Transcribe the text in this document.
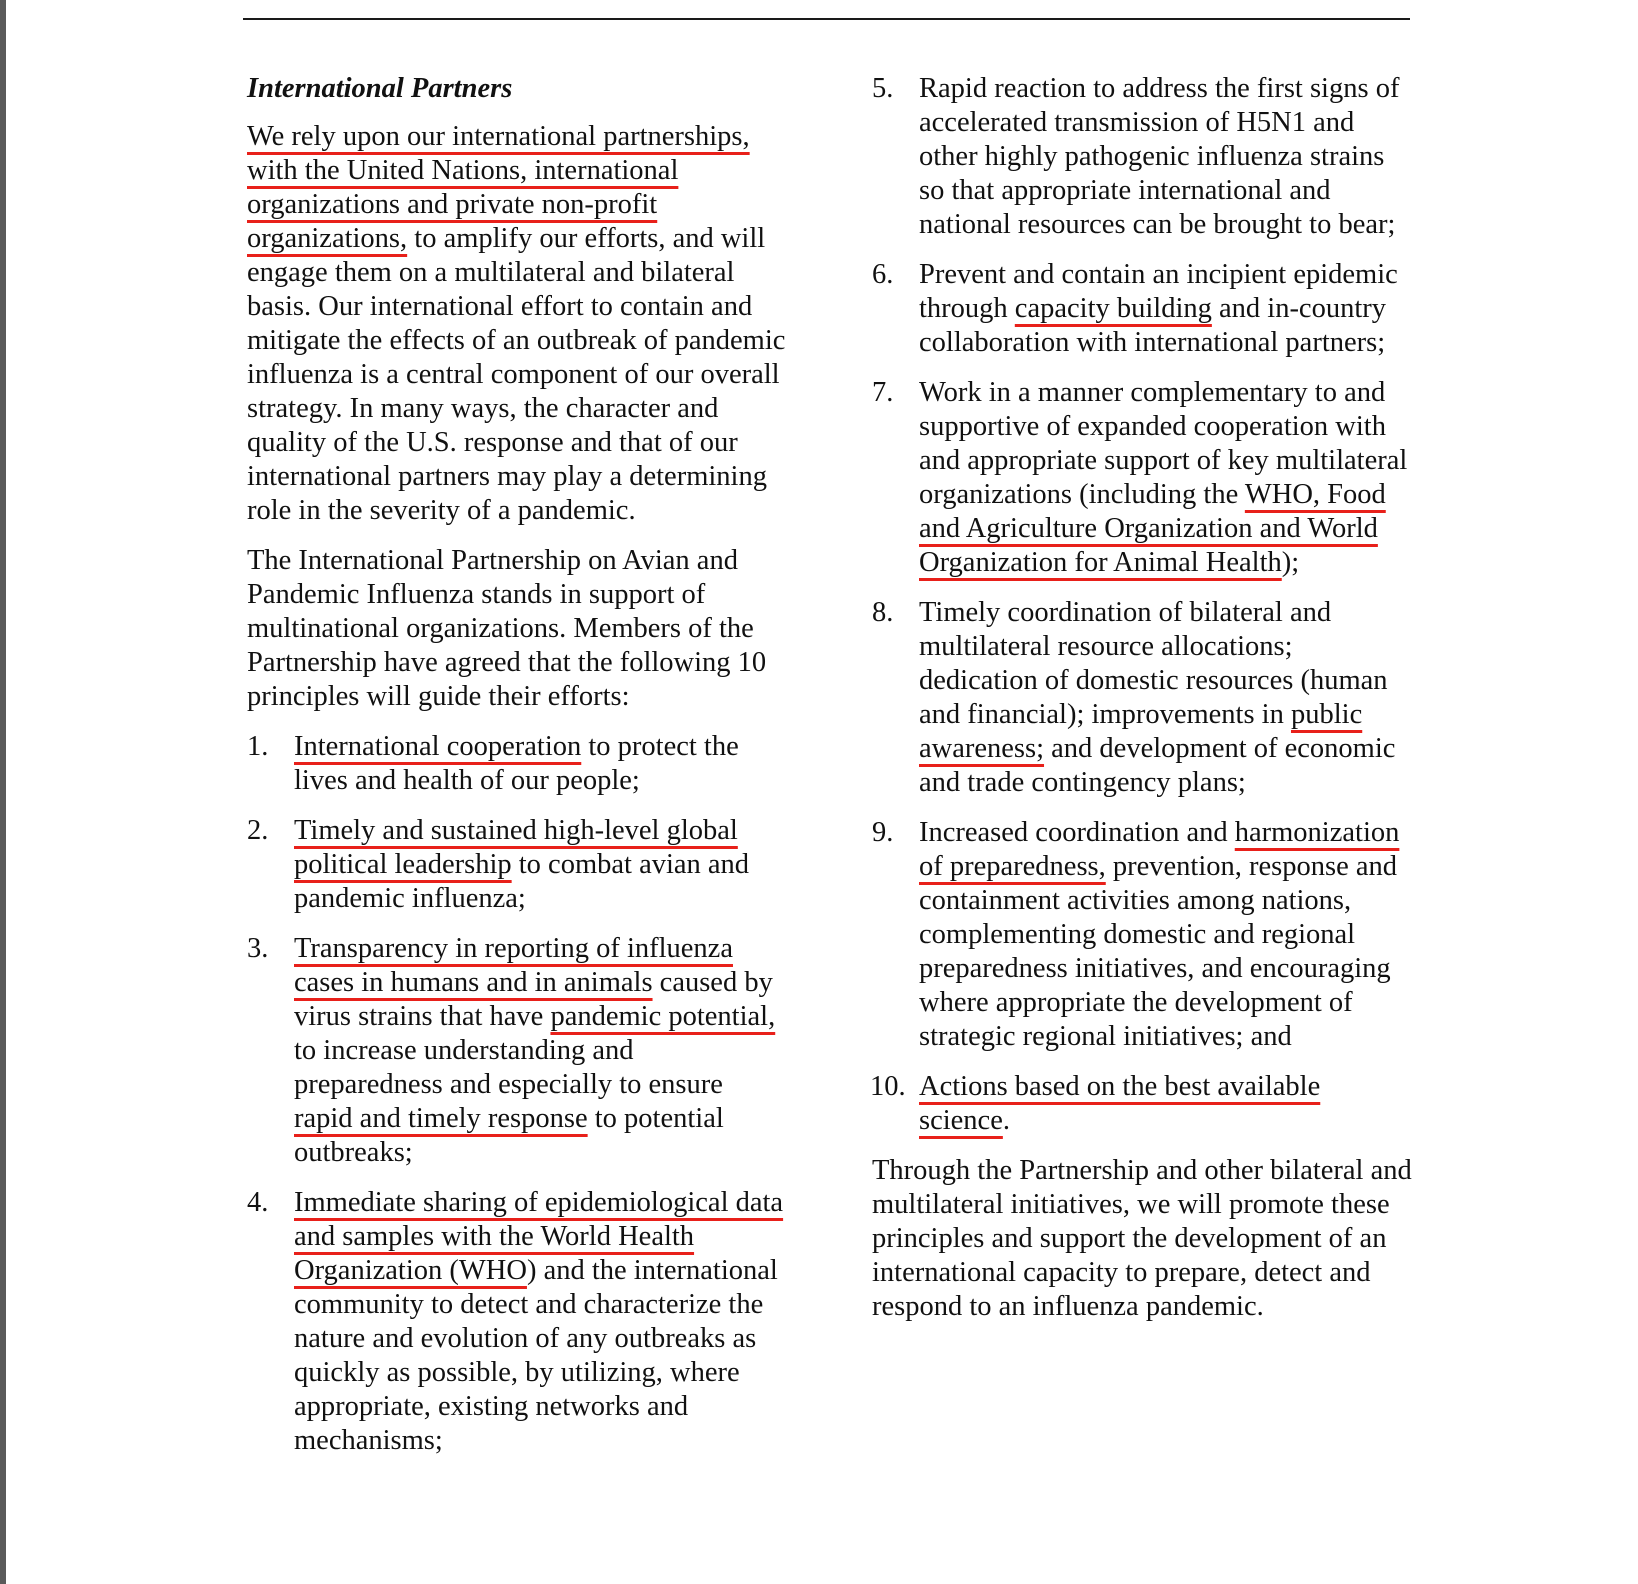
International Partners

We rely upon our international partnerships,
with the United Nations, international
organizations and private non-profit
organizations, to amplify our efforts, and will engage them on a multilateral and bilateral basis. Our international effort to contain and mitigate the effects of an outbreak of pandemic influenza is a central component of our overall strategy. In many ways, the character and quality of the U.S. response and that of our international partners may play a determining role in the severity of a pandemic.

The International Partnership on Avian and Pandemic Influenza stands in support of multinational organizations. Members of the Partnership have agreed that the following 10 principles will guide their efforts:

1. International cooperation to protect the lives and health of our people;
2. Timely and sustained high-level global political leadership to combat avian and pandemic influenza;
3. Transparency in reporting of influenza cases in humans and in animals caused by virus strains that have pandemic potential, to increase understanding and preparedness and especially to ensure rapid and timely response to potential outbreaks;
4. Immediate sharing of epidemiological data and samples with the World Health Organization (WHO) and the international community to detect and characterize the nature and evolution of any outbreaks as quickly as possible, by utilizing, where appropriate, existing networks and mechanisms;
5. Rapid reaction to address the first signs of accelerated transmission of H5N1 and other highly pathogenic influenza strains so that appropriate international and national resources can be brought to bear;
6. Prevent and contain an incipient epidemic through capacity building and in-country collaboration with international partners;
7. Work in a manner complementary to and supportive of expanded cooperation with and appropriate support of key multilateral organizations (including the WHO, Food and Agriculture Organization and World Organization for Animal Health);
8. Timely coordination of bilateral and multilateral resource allocations; dedication of domestic resources (human and financial); improvements in public awareness; and development of economic and trade contingency plans;
9. Increased coordination and harmonization of preparedness, prevention, response and containment activities among nations, complementing domestic and regional preparedness initiatives, and encouraging where appropriate the development of strategic regional initiatives; and
10. Actions based on the best available science.

Through the Partnership and other bilateral and multilateral initiatives, we will promote these principles and support the development of an international capacity to prepare, detect and respond to an influenza pandemic.
